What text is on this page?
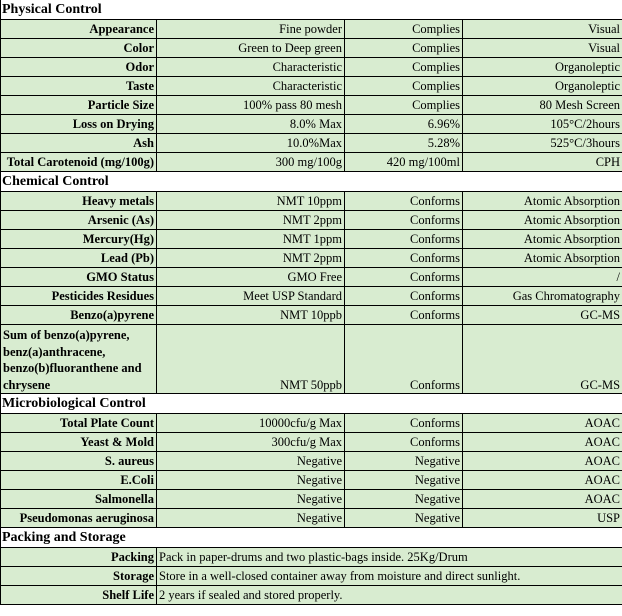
Physical Control			
Appearance	Fine powder	Complies	Visual
Color	Green to Deep green	Complies	Visual
Odor	Characteristic	Complies	Organoleptic
Taste	Characteristic	Complies	Organoleptic
Particle Size	100% pass 80 mesh	Complies	80 Mesh Screen
Loss on Drying	8.0% Max	6.96%	105°C/2hours
Ash	10.0%Max	5.28%	525°C/3hours
Total Carotenoid (mg/100g)	300 mg/100g	420 mg/100ml	CPH
Chemical Control			
Heavy metals	NMT 10ppm	Conforms	Atomic Absorption
Arsenic (As)	NMT 2ppm	Conforms	Atomic Absorption
Mercury(Hg)	NMT 1ppm	Conforms	Atomic Absorption
Lead (Pb)	NMT 2ppm	Conforms	Atomic Absorption
GMO Status	GMO Free	Conforms	/
Pesticides Residues	Meet USP Standard	Conforms	Gas Chromatography
Benzo(a)pyrene	NMT 10ppb	Conforms	GC-MS
Sum of benzo(a)pyrene, benz(a)anthracene, benzo(b)fluoranthene and chrysene	NMT 50ppb	Conforms	GC-MS
Microbiological Control			
Total Plate Count	10000cfu/g Max	Conforms	AOAC
Yeast & Mold	300cfu/g Max	Conforms	AOAC
S. aureus	Negative	Negative	AOAC
E.Coli	Negative	Negative	AOAC
Salmonella	Negative	Negative	AOAC
Pseudomonas aeruginosa	Negative	Negative	USP
Packing and Storage			
Packing	Pack in paper-drums and two plastic-bags inside. 25Kg/Drum		
Storage	Store in a well-closed container away from moisture and direct sunlight.		
Shelf Life	2 years if sealed and stored properly.		
